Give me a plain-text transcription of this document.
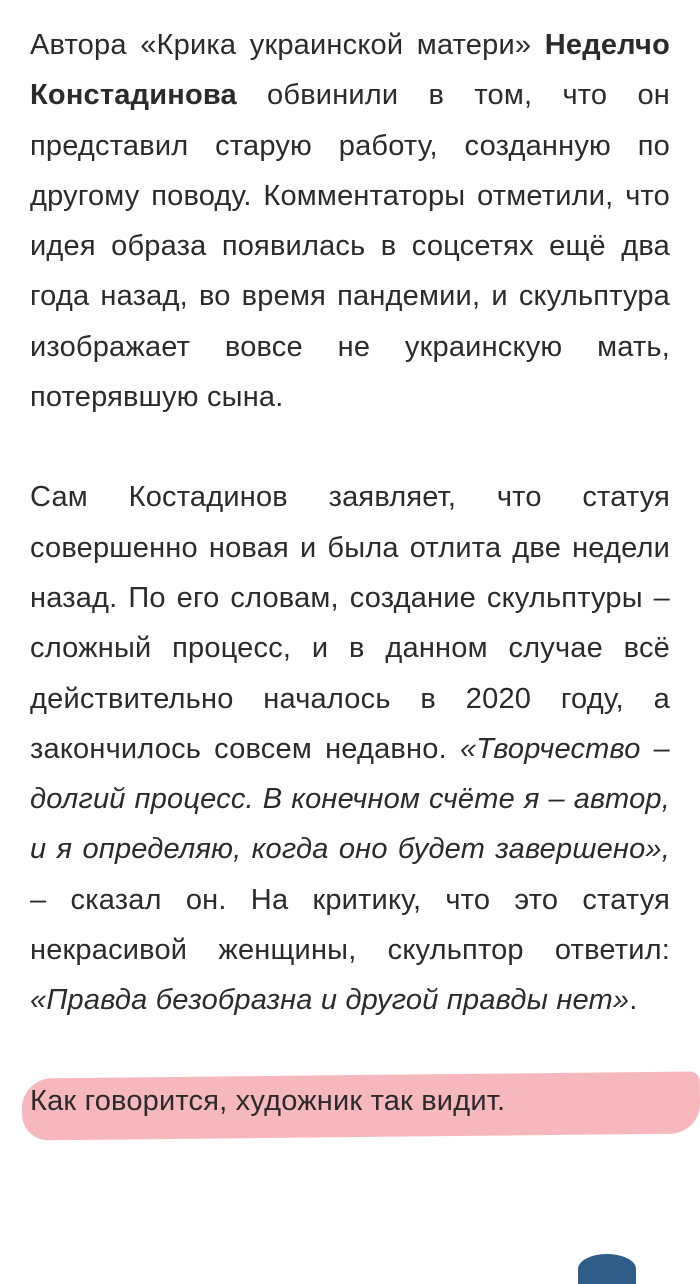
Автора «Крика украинской матери» Неделчо Констадинова обвинили в том, что он представил старую работу, созданную по другому поводу. Комментаторы отметили, что идея образа появилась в соцсетях ещё два года назад, во время пандемии, и скульптура изображает вовсе не украинскую мать, потерявшую сына.

Сам Костадинов заявляет, что статуя совершенно новая и была отлита две недели назад. По его словам, создание скульптуры – сложный процесс, и в данном случае всё действительно началось в 2020 году, а закончилось совсем недавно. «Творчество – долгий процесс. В конечном счёте я – автор, и я определяю, когда оно будет завершено», – сказал он. На критику, что это статуя некрасивой женщины, скульптор ответил: «Правда безобразна и другой правды нет».

Как говорится, художник так видит.
